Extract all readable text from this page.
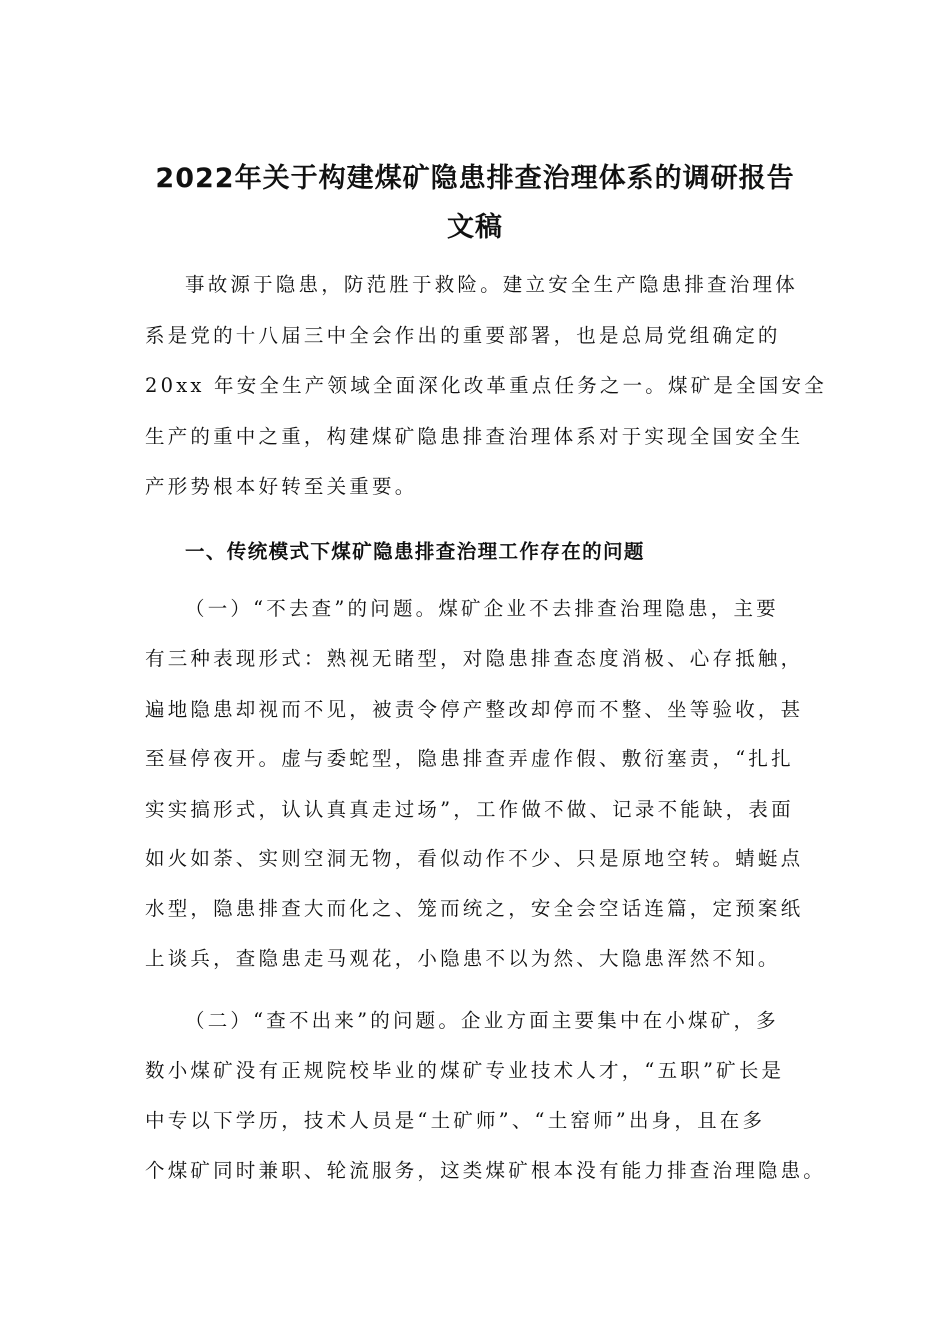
2022年关于构建煤矿隐患排查治理体系的调研报告
文稿
事故源于隐患，防范胜于救险。建立安全生产隐患排查治理体
系是党的十八届三中全会作出的重要部署，也是总局党组确定的
20xx 年安全生产领域全面深化改革重点任务之一。煤矿是全国安全
生产的重中之重，构建煤矿隐患排查治理体系对于实现全国安全生
产形势根本好转至关重要。
一、传统模式下煤矿隐患排查治理工作存在的问题
（一）“不去查”的问题。煤矿企业不去排查治理隐患，主要
有三种表现形式：熟视无睹型，对隐患排查态度消极、心存抵触，
遍地隐患却视而不见，被责令停产整改却停而不整、坐等验收，甚
至昼停夜开。虚与委蛇型，隐患排查弄虚作假、敷衍塞责，“扎扎
实实搞形式，认认真真走过场”，工作做不做、记录不能缺，表面
如火如荼、实则空洞无物，看似动作不少、只是原地空转。蜻蜓点
水型，隐患排查大而化之、笼而统之，安全会空话连篇，定预案纸
上谈兵，查隐患走马观花，小隐患不以为然、大隐患浑然不知。
（二）“查不出来”的问题。企业方面主要集中在小煤矿，多
数小煤矿没有正规院校毕业的煤矿专业技术人才，“五职”矿长是
中专以下学历，技术人员是“土矿师”、“土窑师”出身，且在多
个煤矿同时兼职、轮流服务，这类煤矿根本没有能力排查治理隐患。
